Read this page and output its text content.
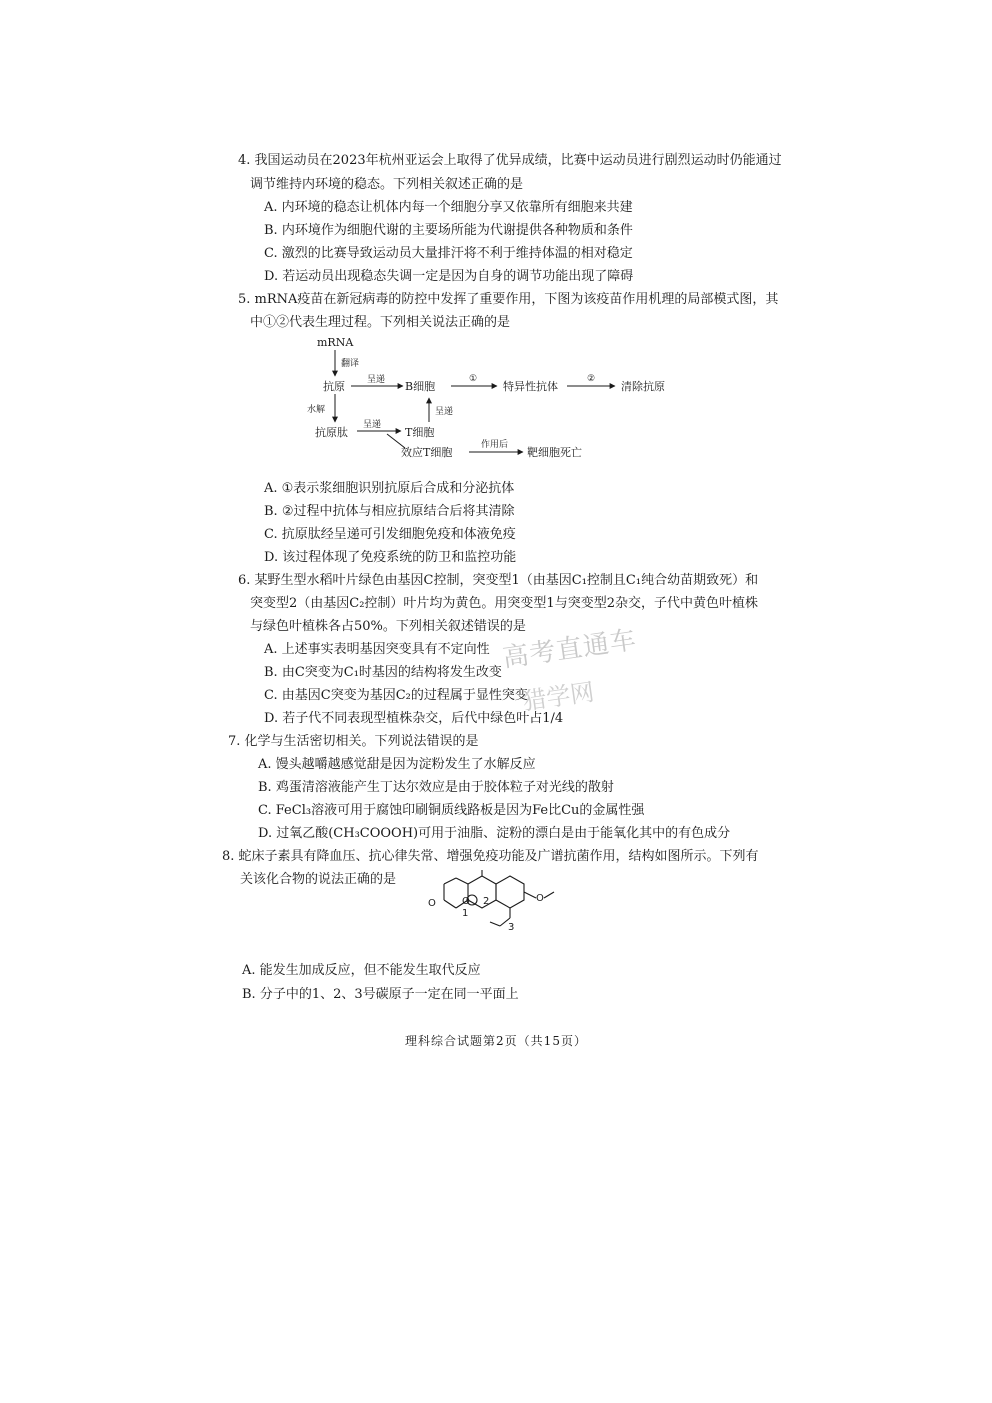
4. 我国运动员在2023年杭州亚运会上取得了优异成绩，比赛中运动员进行剧烈运动时仍能通过
调节维持内环境的稳态。下列相关叙述正确的是
A. 内环境的稳态让机体内每一个细胞分享又依靠所有细胞来共建
B. 内环境作为细胞代谢的主要场所能为代谢提供各种物质和条件
C. 激烈的比赛导致运动员大量排汗将不利于维持体温的相对稳定
D. 若运动员出现稳态失调一定是因为自身的调节功能出现了障碍
5. mRNA疫苗在新冠病毒的防控中发挥了重要作用，下图为该疫苗作用机理的局部模式图，其
中①②代表生理过程。下列相关说法正确的是
mRNA
翻译
抗原 呈递 B细胞
①
特异性抗体
②
清除抗原
水解
抗原肽
呈递
T细胞
呈递
效应T细胞
作用后
靶细胞死亡
A. ①表示浆细胞识别抗原后合成和分泌抗体
B. ②过程中抗体与相应抗原结合后将其清除
C. 抗原肽经呈递可引发细胞免疫和体液免疫
D. 该过程体现了免疫系统的防卫和监控功能
6. 某野生型水稻叶片绿色由基因C控制，突变型1（由基因C₁控制且C₁纯合幼苗期致死）和
突变型2（由基因C₂控制）叶片均为黄色。用突变型1与突变型2杂交，子代中黄色叶植株
与绿色叶植株各占50%。下列相关叙述错误的是
A. 上述事实表明基因突变具有不定向性
B. 由C突变为C₁时基因的结构将发生改变
C. 由基因C突变为基因C₂的过程属于显性突变
D. 若子代不同表现型植株杂交，后代中绿色叶占1/4
高考直通车
猎学网
7. 化学与生活密切相关。下列说法错误的是
A. 馒头越嚼越感觉甜是因为淀粉发生了水解反应
B. 鸡蛋清溶液能产生丁达尔效应是由于胶体粒子对光线的散射
C. FeCl₃溶液可用于腐蚀印刷铜质线路板是因为Fe比Cu的金属性强
D. 过氧乙酸(CH₃COOOH)可用于油脂、淀粉的漂白是由于能氧化其中的有色成分
8. 蛇床子素具有降血压、抗心律失常、增强免疫功能及广谱抗菌作用，结构如图所示。下列有
关该化合物的说法正确的是
O	O	O
1
2
3
A. 能发生加成反应，但不能发生取代反应
B. 分子中的1、2、3号碳原子一定在同一平面上
理科综合试题第2页（共15页）
